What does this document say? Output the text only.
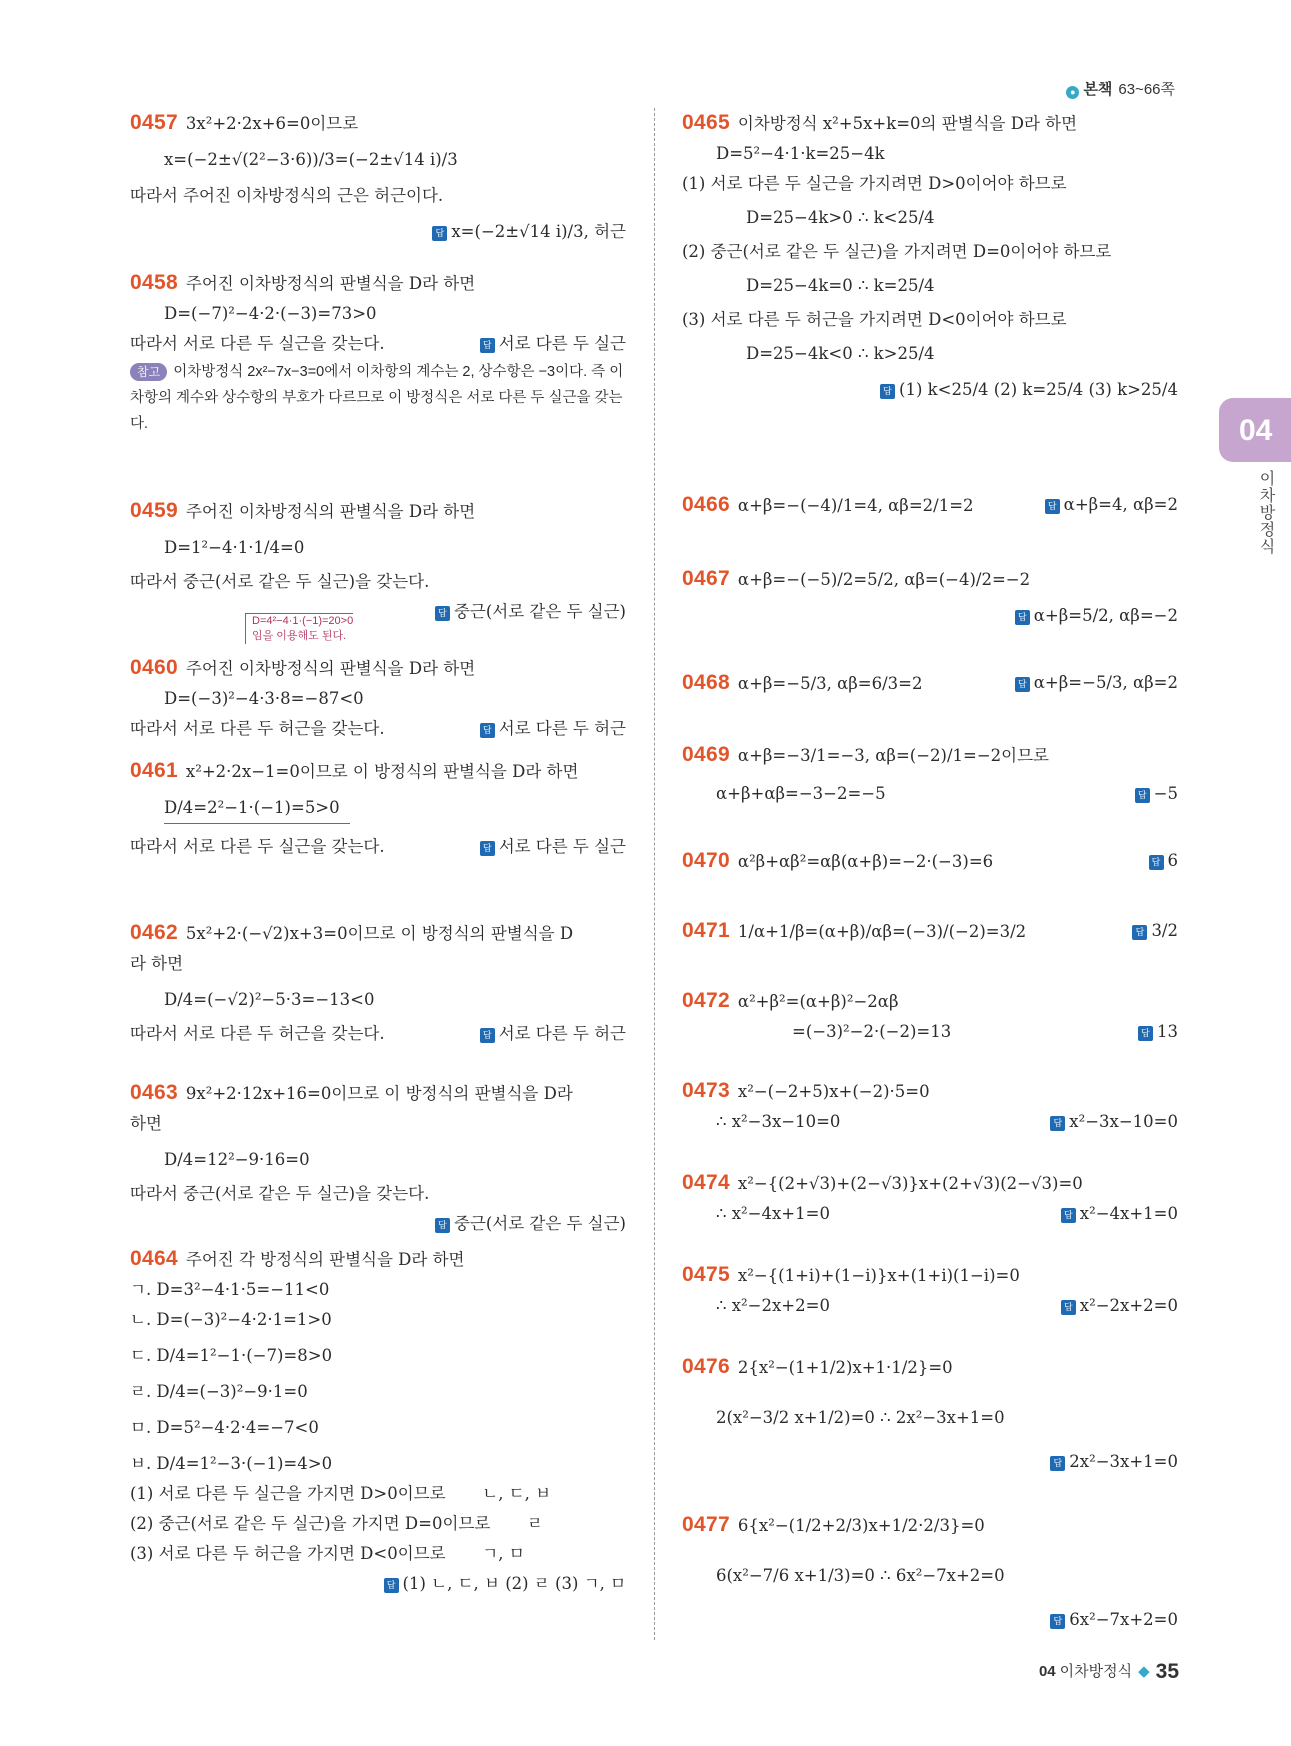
● 본책 63~66쪽
0457 3x²+2·2x+6=0이므로
x=(−2±√(2²−3·6))/3=(−2±√14 i)/3
따라서 주어진 이차방정식의 근은 허근이다.
답 x=(−2±√14 i)/3, 허근
0458 주어진 이차방정식의 판별식을 D라 하면
D=(−7)²−4·2·(−3)=73>0
따라서 서로 다른 두 실근을 갖는다.	답 서로 다른 두 실근
참고 이차방정식 2x²−7x−3=0에서 이차항의 계수는 2, 상수항은 −3이다. 즉 이차항의 계수와 상수항의 부호가 다르므로 이 방정식은 서로 다른 두 실근을 갖는다.
0459 주어진 이차방정식의 판별식을 D라 하면
D=1²−4·1·1/4=0
따라서 중근(서로 같은 두 실근)을 갖는다.
답 중근(서로 같은 두 실근)
0460 주어진 이차방정식의 판별식을 D라 하면
D=(−3)²−4·3·8=−87<0
따라서 서로 다른 두 허근을 갖는다.	답 서로 다른 두 허근
0461 x²+2·2x−1=0이므로 이 방정식의 판별식을 D라 하면
D/4=2²−1·(−1)=5>0
따라서 서로 다른 두 실근을 갖는다.	답 서로 다른 두 실근
0462 5x²+2·(−√2)x+3=0이므로 이 방정식의 판별식을 D
라 하면
D/4=(−√2)²−5·3=−13<0
따라서 서로 다른 두 허근을 갖는다.	답 서로 다른 두 허근
0463 9x²+2·12x+16=0이므로 이 방정식의 판별식을 D라
하면
D/4=12²−9·16=0
따라서 중근(서로 같은 두 실근)을 갖는다.
답 중근(서로 같은 두 실근)
0464 주어진 각 방정식의 판별식을 D라 하면
ㄱ. D=3²−4·1·5=−11<0
ㄴ. D=(−3)²−4·2·1=1>0
ㄷ. D/4=1²−1·(−7)=8>0
ㄹ. D/4=(−3)²−9·1=0
ㅁ. D=5²−4·2·4=−7<0
ㅂ. D/4=1²−3·(−1)=4>0
(1) 서로 다른 두 실근을 가지면 D>0이므로 ㄴ, ㄷ, ㅂ
(2) 중근(서로 같은 두 실근)을 가지면 D=0이므로 ㄹ
(3) 서로 다른 두 허근을 가지면 D<0이므로 ㄱ, ㅁ
답 (1) ㄴ, ㄷ, ㅂ (2) ㄹ (3) ㄱ, ㅁ
D=4²−4·1·(−1)=20>0
임을 이용해도 된다.
0465 이차방정식 x²+5x+k=0의 판별식을 D라 하면
D=5²−4·1·k=25−4k
(1) 서로 다른 두 실근을 가지려면 D>0이어야 하므로
D=25−4k>0 ∴ k<25/4
(2) 중근(서로 같은 두 실근)을 가지려면 D=0이어야 하므로
D=25−4k=0 ∴ k=25/4
(3) 서로 다른 두 허근을 가지려면 D<0이어야 하므로
D=25−4k<0 ∴ k>25/4
답 (1) k<25/4 (2) k=25/4 (3) k>25/4
0466 α+β=−(−4)/1=4, αβ=2/1=2	답 α+β=4, αβ=2
0467 α+β=−(−5)/2=5/2, αβ=(−4)/2=−2
답 α+β=5/2, αβ=−2
0468 α+β=−5/3, αβ=6/3=2	답 α+β=−5/3, αβ=2
0469 α+β=−3/1=−3, αβ=(−2)/1=−2이므로
α+β+αβ=−3−2=−5	답 −5
0470 α²β+αβ²=αβ(α+β)=−2·(−3)=6	답 6
0471 1/α+1/β=(α+β)/αβ=(−3)/(−2)=3/2	답 3/2
0472 α²+β²=(α+β)²−2αβ
=(−3)²−2·(−2)=13	답 13
0473 x²−(−2+5)x+(−2)·5=0
∴ x²−3x−10=0	답 x²−3x−10=0
0474 x²−{(2+√3)+(2−√3)}x+(2+√3)(2−√3)=0
∴ x²−4x+1=0	답 x²−4x+1=0
0475 x²−{(1+i)+(1−i)}x+(1+i)(1−i)=0
∴ x²−2x+2=0	답 x²−2x+2=0
0476 2{x²−(1+1/2)x+1·1/2}=0
2(x²−3/2 x+1/2)=0 ∴ 2x²−3x+1=0
답 2x²−3x+1=0
0477 6{x²−(1/2+2/3)x+1/2·2/3}=0
6(x²−7/6 x+1/3)=0 ∴ 6x²−7x+2=0
답 6x²−7x+2=0
04
이차방정식
04 이차방정식 ◆ 35
